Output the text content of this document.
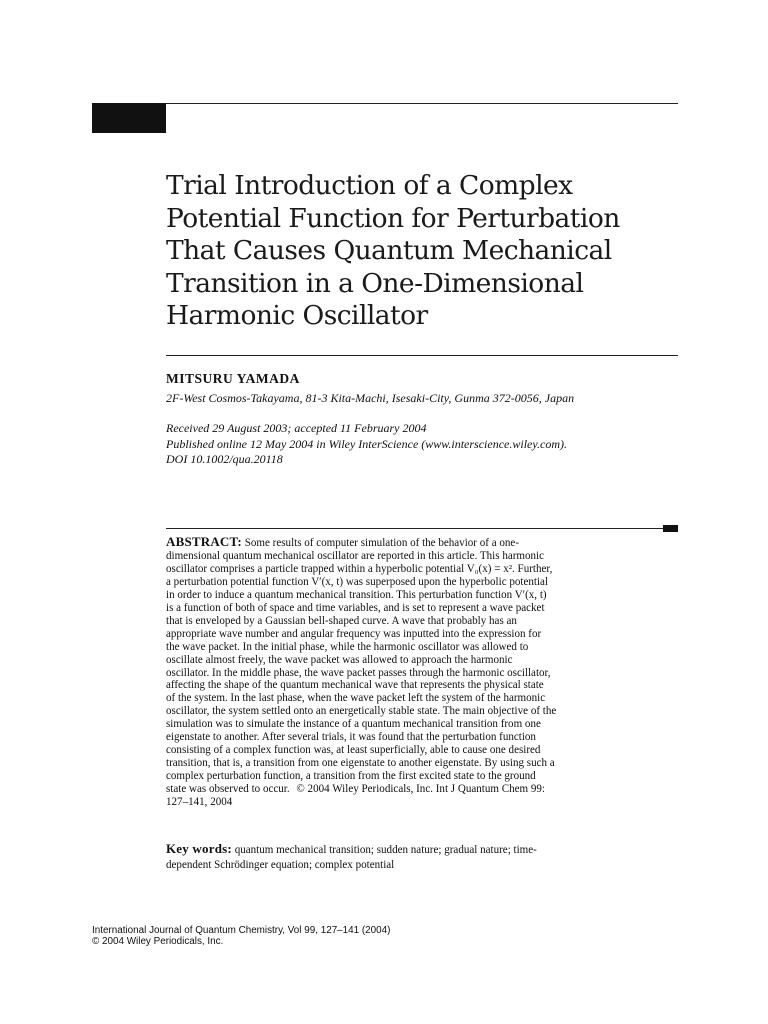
Trial Introduction of a Complex
Potential Function for Perturbation
That Causes Quantum Mechanical
Transition in a One-Dimensional
Harmonic Oscillator
MITSURU YAMADA
2F-West Cosmos-Takayama, 81-3 Kita-Machi, Isesaki-City, Gunma 372-0056, Japan
Received 29 August 2003; accepted 11 February 2004
Published online 12 May 2004 in Wiley InterScience (www.interscience.wiley.com).
DOI 10.1002/qua.20118
ABSTRACT: Some results of computer simulation of the behavior of a one-
dimensional quantum mechanical oscillator are reported in this article. This harmonic
oscillator comprises a particle trapped within a hyperbolic potential V₀(x) = x². Further,
a perturbation potential function V′(x, t) was superposed upon the hyperbolic potential
in order to induce a quantum mechanical transition. This perturbation function V′(x, t)
is a function of both of space and time variables, and is set to represent a wave packet
that is enveloped by a Gaussian bell-shaped curve. A wave that probably has an
appropriate wave number and angular frequency was inputted into the expression for
the wave packet. In the initial phase, while the harmonic oscillator was allowed to
oscillate almost freely, the wave packet was allowed to approach the harmonic
oscillator. In the middle phase, the wave packet passes through the harmonic oscillator,
affecting the shape of the quantum mechanical wave that represents the physical state
of the system. In the last phase, when the wave packet left the system of the harmonic
oscillator, the system settled onto an energetically stable state. The main objective of the
simulation was to simulate the instance of a quantum mechanical transition from one
eigenstate to another. After several trials, it was found that the perturbation function
consisting of a complex function was, at least superficially, able to cause one desired
transition, that is, a transition from one eigenstate to another eigenstate. By using such a
complex perturbation function, a transition from the first excited state to the ground
state was observed to occur. © 2004 Wiley Periodicals, Inc. Int J Quantum Chem 99:
127–141, 2004
Key words: quantum mechanical transition; sudden nature; gradual nature; time-
dependent Schrödinger equation; complex potential
International Journal of Quantum Chemistry, Vol 99, 127–141 (2004)
© 2004 Wiley Periodicals, Inc.
